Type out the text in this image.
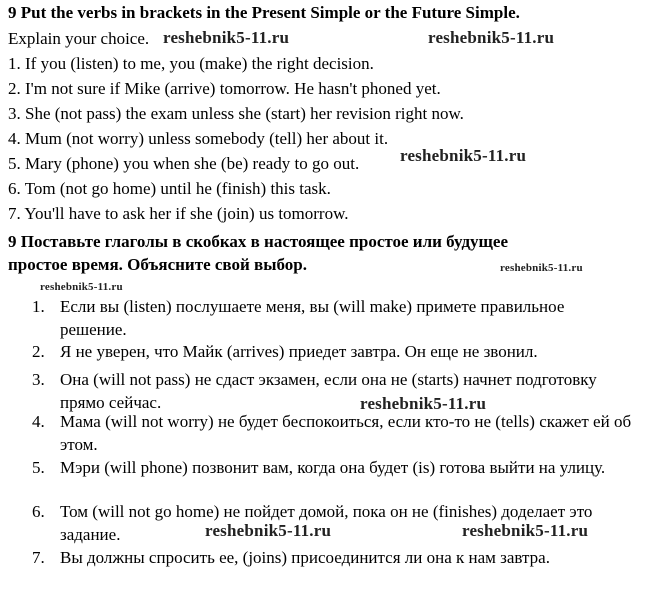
9 Put the verbs in brackets in the Present Simple or the Future Simple.
Explain your choice.
1. If you (listen) to me, you (make) the right decision.
2. I'm not sure if Mike (arrive) tomorrow. He hasn't phoned yet.
3. She (not pass) the exam unless she (start) her revision right now.
4. Mum (not worry) unless somebody (tell) her about it.
5. Mary (phone) you when she (be) ready to go out.
6. Tom (not go home) until he (finish) this task.
7. You'll have to ask her if she (join) us tomorrow.
9 Поставьте глаголы в скобках в настоящее простое или будущее
простое время. Объясните свой выбор.
1. Если вы (listen) послушаете меня, вы (will make) примете правильное решение.
2. Я не уверен, что Майк (arrives) приедет завтра. Он еще не звонил.
3. Она (will not pass) не сдаст экзамен, если она не (starts) начнет подготовку прямо сейчас.
4. Мама (will not worry) не будет беспокоиться, если кто-то не (tells) скажет ей об этом.
5. Мэри (will phone) позвонит вам, когда она будет (is) готова выйти на улицу.
6. Том (will not go home) не пойдет домой, пока он не (finishes) доделает это задание.
7. Вы должны спросить ее, (joins) присоединится ли она к нам завтра.
reshebnik5-11.ru	reshebnik5-11.ru
reshebnik5-11.ru
reshebnik5-11.ru
reshebnik5-11.ru
reshebnik5-11.ru
reshebnik5-11.ru	reshebnik5-11.ru
